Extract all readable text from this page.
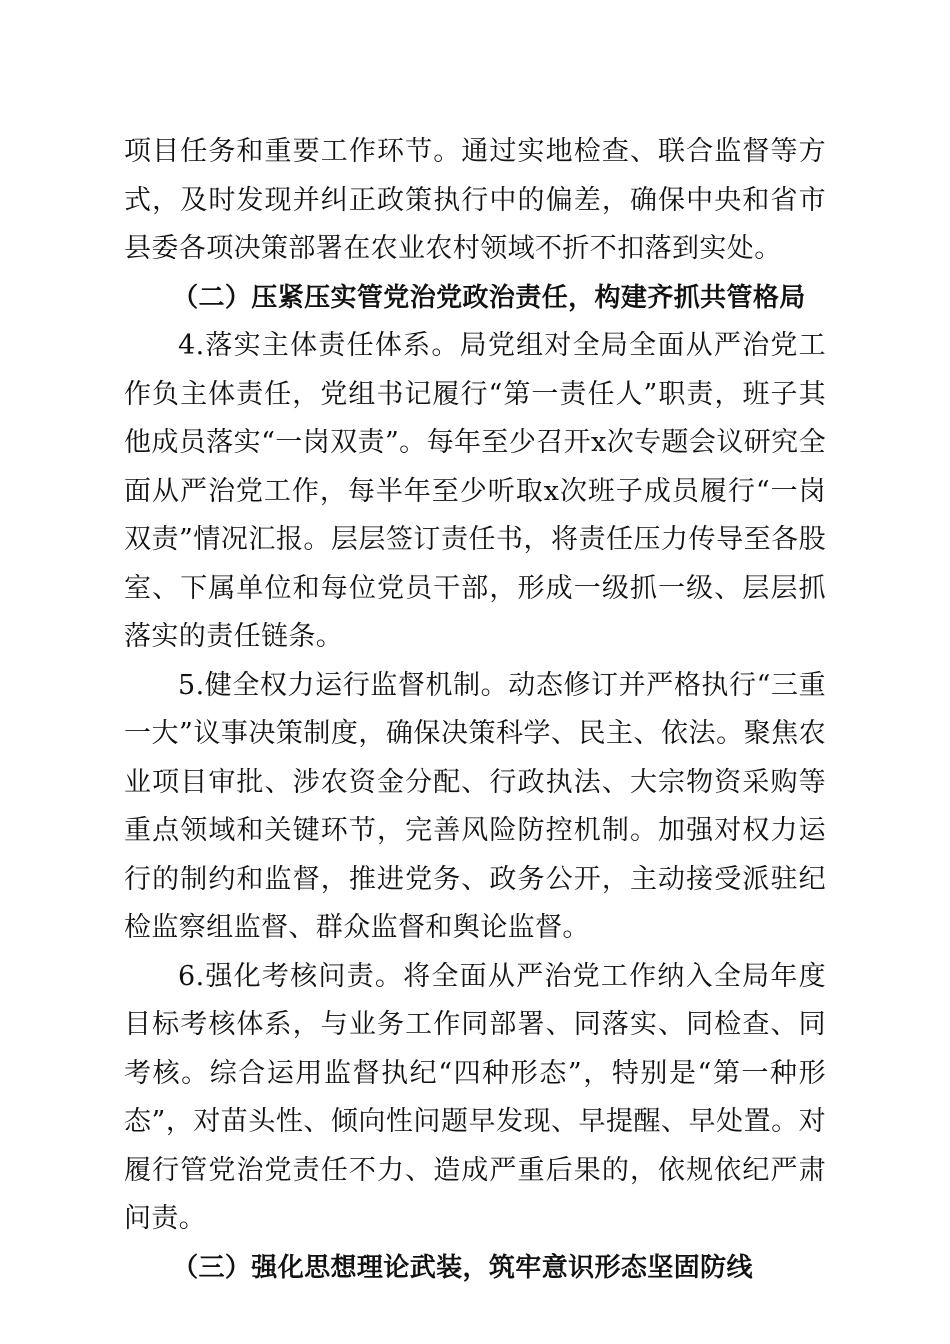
项目任务和重要工作环节。通过实地检查、联合监督等方式，及时发现并纠正政策执行中的偏差，确保中央和省市县委各项决策部署在农业农村领域不折不扣落到实处。

（二）压紧压实管党治党政治责任，构建齐抓共管格局

4.落实主体责任体系。局党组对全局全面从严治党工作负主体责任，党组书记履行“第一责任人”职责，班子其他成员落实“一岗双责”。每年至少召开x次专题会议研究全面从严治党工作，每半年至少听取x次班子成员履行“一岗双责”情况汇报。层层签订责任书，将责任压力传导至各股室、下属单位和每位党员干部，形成一级抓一级、层层抓落实的责任链条。

5.健全权力运行监督机制。动态修订并严格执行“三重一大”议事决策制度，确保决策科学、民主、依法。聚焦农业项目审批、涉农资金分配、行政执法、大宗物资采购等重点领域和关键环节，完善风险防控机制。加强对权力运行的制约和监督，推进党务、政务公开，主动接受派驻纪检监察组监督、群众监督和舆论监督。

6.强化考核问责。将全面从严治党工作纳入全局年度目标考核体系，与业务工作同部署、同落实、同检查、同考核。综合运用监督执纪“四种形态”，特别是“第一种形态”，对苗头性、倾向性问题早发现、早提醒、早处置。对履行管党治党责任不力、造成严重后果的，依规依纪严肃问责。

（三）强化思想理论武装，筑牢意识形态坚固防线
